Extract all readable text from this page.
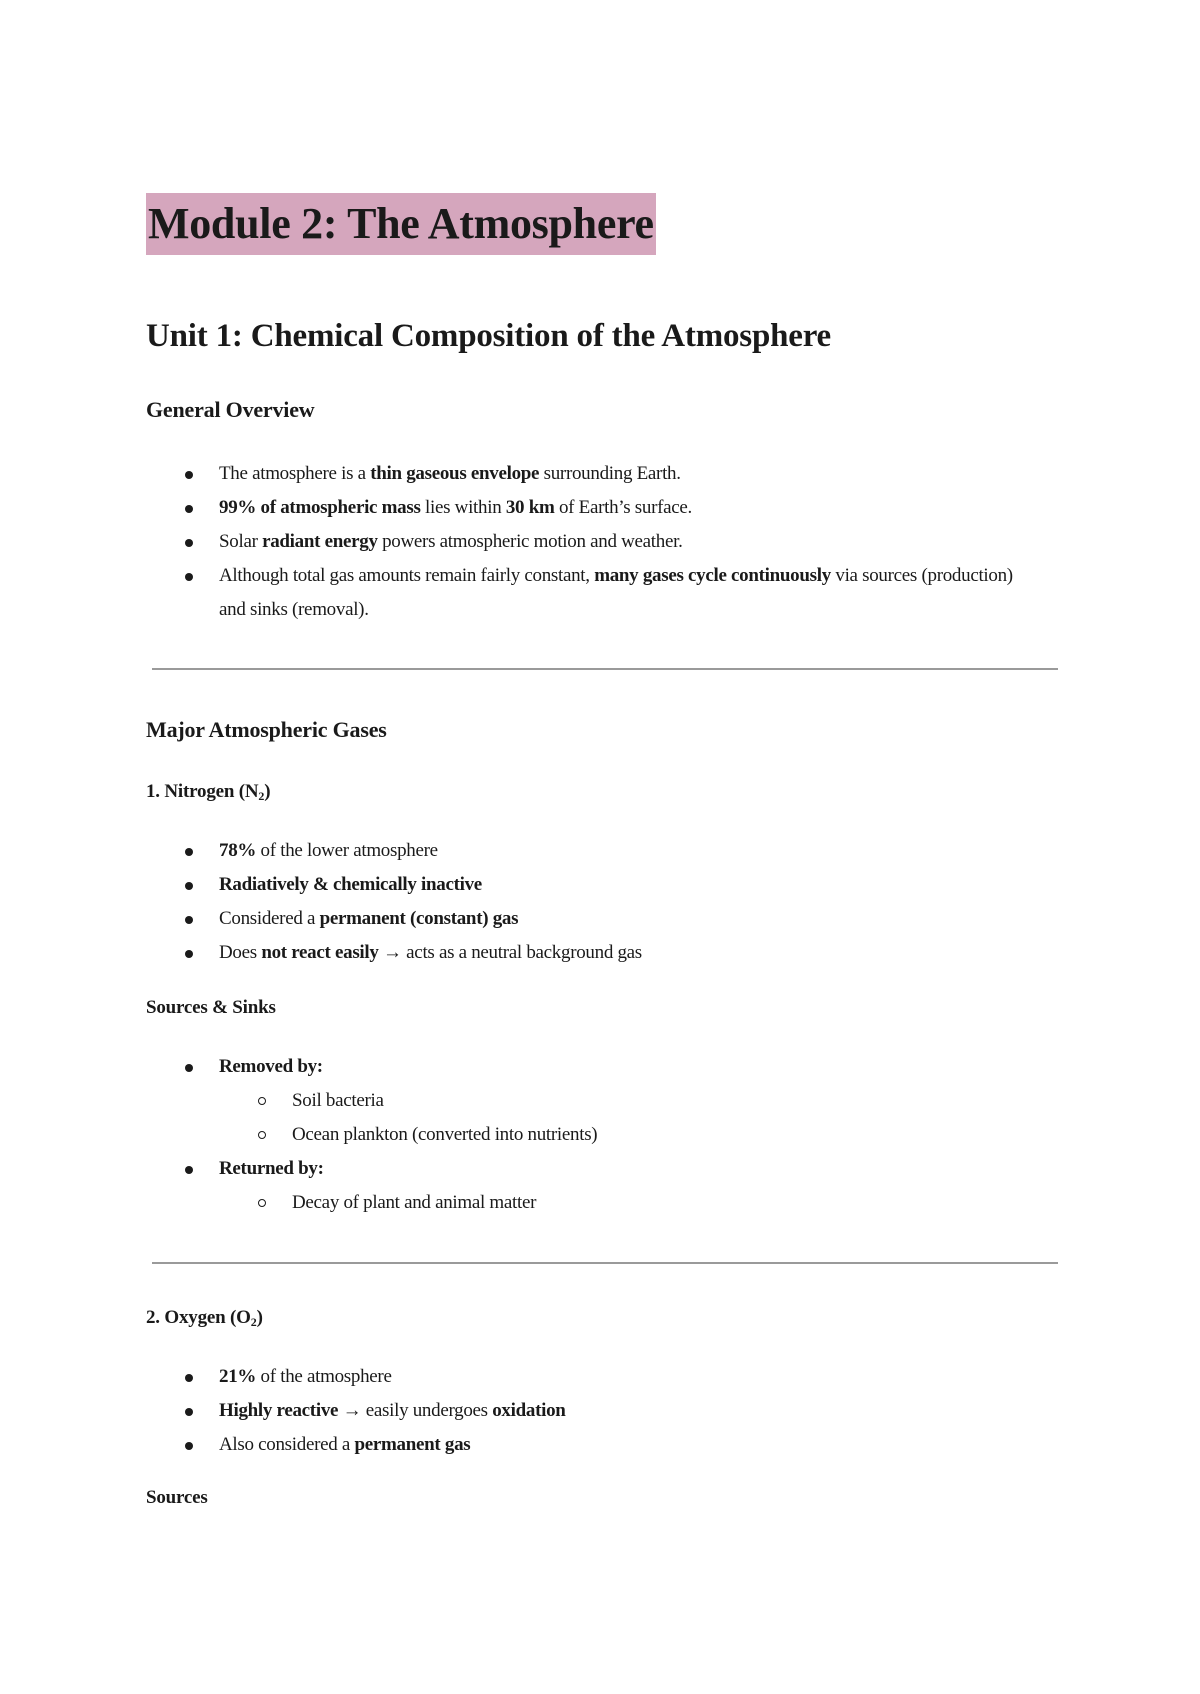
Module 2: The Atmosphere
Unit 1: Chemical Composition of the Atmosphere
General Overview
The atmosphere is a thin gaseous envelope surrounding Earth.
99% of atmospheric mass lies within 30 km of Earth’s surface.
Solar radiant energy powers atmospheric motion and weather.
Although total gas amounts remain fairly constant, many gases cycle continuously via sources (production) and sinks (removal).
Major Atmospheric Gases
1. Nitrogen $(N_2)$
78% of the lower atmosphere
Radiatively & chemically inactive
Considered a permanent (constant) gas
Does not react easily → acts as a neutral background gas
Sources & Sinks
Removed by:
Soil bacteria
Ocean plankton (converted into nutrients)
Returned by:
Decay of plant and animal matter
2. Oxygen $(O_2)$
21% of the atmosphere
Highly reactive → easily undergoes oxidation
Also considered a permanent gas
Sources
